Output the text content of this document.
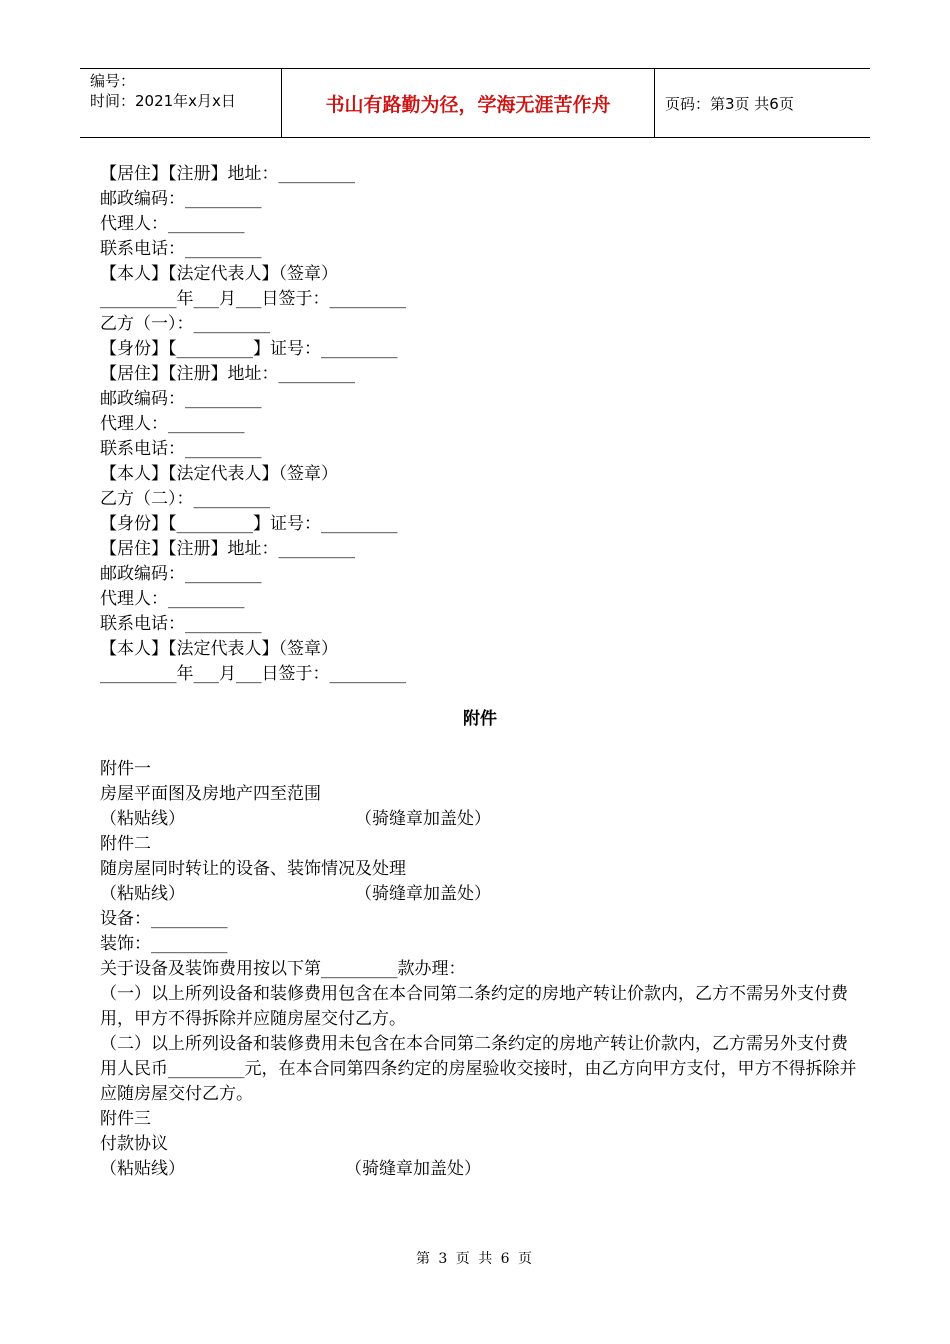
编号：
时间：2021年x月x日	书山有路勤为径，学海无涯苦作舟	页码：第3页 共6页
【居住】【注册】地址：_________
邮政编码：_________
代理人：_________
联系电话：_________
【本人】【法定代表人】（签章）
_________年___月___日签于：_________
乙方（一）：_________
【身份】【_________】证号：_________
【居住】【注册】地址：_________
邮政编码：_________
代理人：_________
联系电话：_________
【本人】【法定代表人】（签章）
乙方（二）：_________
【身份】【_________】证号：_________
【居住】【注册】地址：_________
邮政编码：_________
代理人：_________
联系电话：_________
【本人】【法定代表人】（签章）
_________年___月___日签于：_________
附件
附件一
房屋平面图及房地产四至范围
（粘贴线）	（骑缝章加盖处）
附件二
随房屋同时转让的设备、装饰情况及处理
（粘贴线）	（骑缝章加盖处）
设备：_________
装饰：_________
关于设备及装饰费用按以下第_________款办理：
（一）以上所列设备和装修费用包含在本合同第二条约定的房地产转让价款内，乙方不需另外支付费用，甲方不得拆除并应随房屋交付乙方。
（二）以上所列设备和装修费用未包含在本合同第二条约定的房地产转让价款内，乙方需另外支付费用人民币_________元，在本合同第四条约定的房屋验收交接时，由乙方向甲方支付，甲方不得拆除并应随房屋交付乙方。
附件三
付款协议
（粘贴线）	（骑缝章加盖处）
第 3 页 共 6 页
